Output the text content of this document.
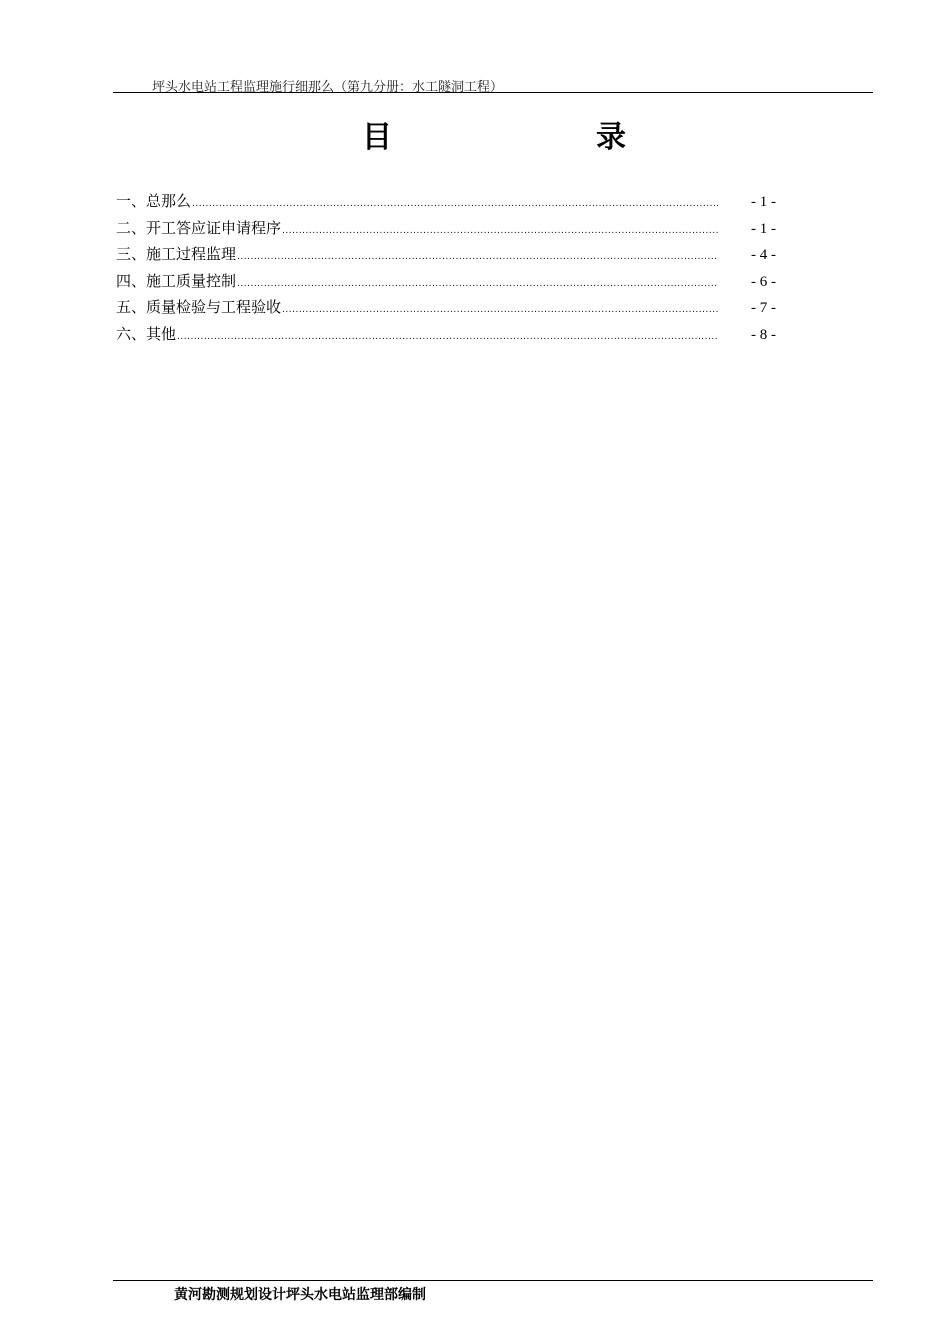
坪头水电站工程监理施行细那么（第九分册：水工隧洞工程）
目	录
一、总那么 .....	- 1 -
二、开工答应证申请程序 .....	- 1 -
三、施工过程监理 .....	- 4 -
四、施工质量控制 .....	- 6 -
五、质量检验与工程验收 .....	- 7 -
六、其他 .....	- 8 -
黄河勘测规划设计坪头水电站监理部编制
